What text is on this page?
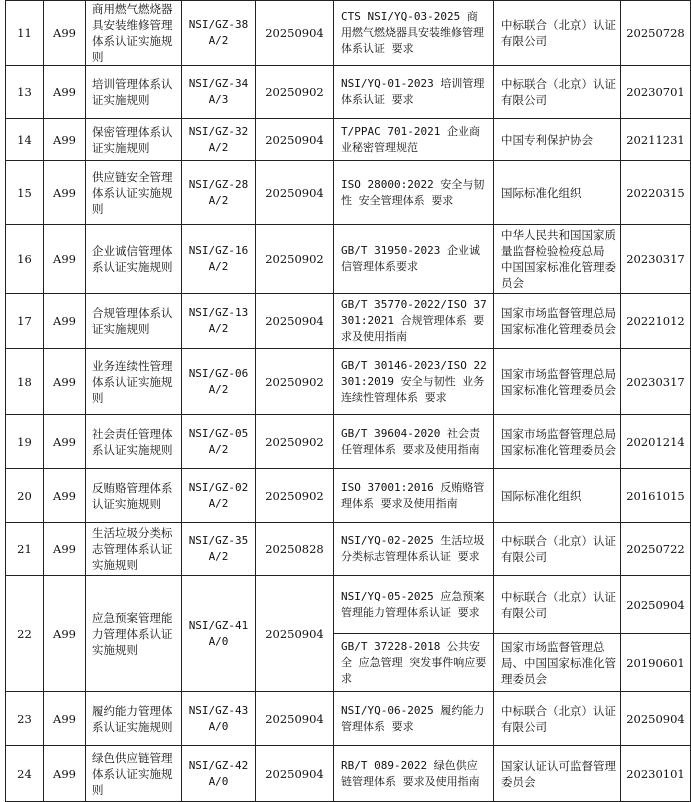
11	A99	商用燃气燃烧器具安装维修管理体系认证实施规则	NSI/GZ-38 A/2	20250904	CTS NSI/YQ-03-2025 商用燃气燃烧器具安装维修管理体系认证 要求	中标联合（北京）认证有限公司	20250728
13	A99	培训管理体系认证实施规则	NSI/GZ-34 A/3	20250902	NSI/YQ-01-2023 培训管理体系认证 要求	中标联合（北京）认证有限公司	20230701
14	A99	保密管理体系认证实施规则	NSI/GZ-32 A/2	20250904	T/PPAC 701-2021 企业商业秘密管理规范	中国专利保护协会	20211231
15	A99	供应链安全管理体系认证实施规则	NSI/GZ-28 A/2	20250904	ISO 28000:2022 安全与韧性 安全管理体系 要求	国际标准化组织	20220315
16	A99	企业诚信管理体系认证实施规则	NSI/GZ-16 A/2	20250902	GB/T 31950-2023 企业诚信管理体系要求	中华人民共和国国家质量监督检验检疫总局 中国国家标准化管理委员会	20230317
17	A99	合规管理体系认证实施规则	NSI/GZ-13 A/2	20250904	GB/T 35770-2022/ISO 37301:2021 合规管理体系 要求及使用指南	国家市场监督管理总局 国家标准化管理委员会	20221012
18	A99	业务连续性管理体系认证实施规则	NSI/GZ-06 A/2	20250902	GB/T 30146-2023/ISO 22301:2019 安全与韧性 业务连续性管理体系 要求	国家市场监督管理总局 国家标准化管理委员会	20230317
19	A99	社会责任管理体系认证实施规则	NSI/GZ-05 A/2	20250902	GB/T 39604-2020 社会责任管理体系 要求及使用指南	国家市场监督管理总局 国家标准化管理委员会	20201214
20	A99	反贿赂管理体系认证实施规则	NSI/GZ-02 A/2	20250902	ISO 37001:2016 反贿赂管理体系 要求及使用指南	国际标准化组织	20161015
21	A99	生活垃圾分类标志管理体系认证实施规则	NSI/GZ-35 A/2	20250828	NSI/YQ-02-2025 生活垃圾分类标志管理体系认证 要求	中标联合（北京）认证有限公司	20250722
22	A99	应急预案管理能力管理体系认证实施规则	NSI/GZ-41 A/0	20250904	NSI/YQ-05-2025 应急预案管理能力管理体系认证 要求	中标联合（北京）认证有限公司	20250904
					GB/T 37228-2018 公共安全 应急管理 突发事件响应要求	国家市场监督管理总局、中国国家标准化管理委员会	20190601
23	A99	履约能力管理体系认证实施规则	NSI/GZ-43 A/0	20250904	NSI/YQ-06-2025 履约能力管理体系 要求	中标联合（北京）认证有限公司	20250904
24	A99	绿色供应链管理体系认证实施规则	NSI/GZ-42 A/0	20250904	RB/T 089-2022 绿色供应链管理体系 要求及使用指南	国家认证认可监督管理委员会	20230101
